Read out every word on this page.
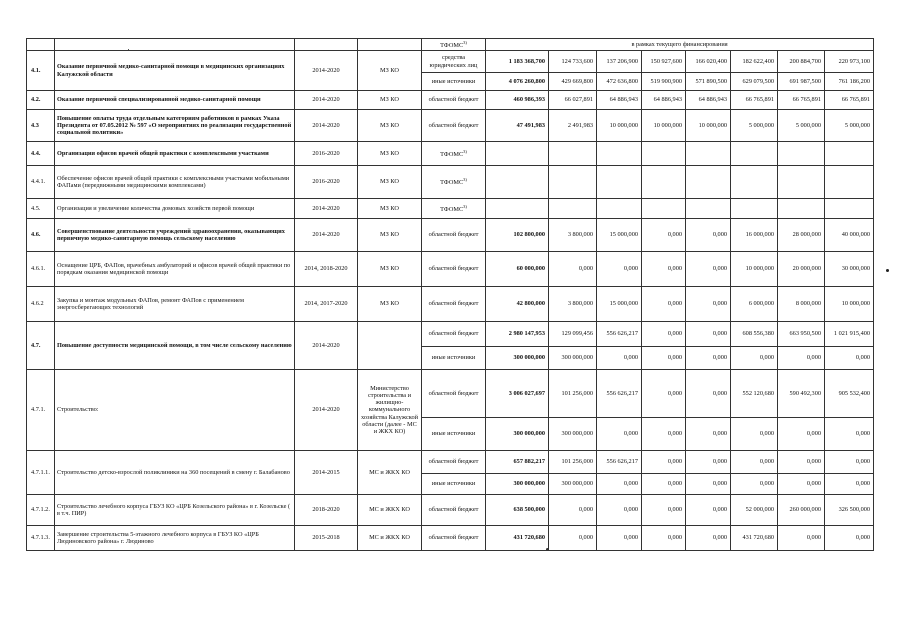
				ТФОМС$^{3)}$	в рамках текущего финансирования							
4.1.	Оказание первичной медико-санитарной помощи в медицинских организациях Калужской области	2014-2020	МЗ КО	средства юридических лиц	1 183 368,700	124 733,600	137 206,900	150 927,600	166 020,400	182 622,400	200 884,700	220 973,100
				иные источники	4 076 260,800	429 669,800	472 636,800	519 900,900	571 890,500	629 079,500	691 987,500	761 186,200
4.2.	Оказание первичной специализированной медико-санитарной помощи	2014-2020	МЗ КО	областной бюджет	460 986,393	66 027,891	64 886,943	64 886,943	64 886,943	66 765,891	66 765,891	66 765,891
4.3	Повышение оплаты труда отдельным категориям работников в рамках Указа Президента от 07.05.2012 № 597 «О мероприятиях по реализации государственной социальной политики»	2014-2020	МЗ КО	областной бюджет	47 491,983	2 491,983	10 000,000	10 000,000	10 000,000	5 000,000	5 000,000	5 000,000
4.4.	Организация офисов врачей общей практики с комплексными участками	2016-2020	МЗ КО	ТФОМС$^{3)}$								
4.4.1.	Обеспечение офисов врачей общей практики с комплексными участками мобильными ФАПами (передвижными медицинскими комплексами)	2016-2020	МЗ КО	ТФОМС$^{3)}$								
4.5.	Организация и увеличение количества домовых хозяйств первой помощи	2014-2020	МЗ КО	ТФОМС$^{3)}$								
4.6.	Совершенствование деятельности учреждений здравоохранения, оказывающих первичную медико-санитарную помощь сельскому населению	2014-2020	МЗ КО	областной бюджет	102 800,000	3 800,000	15 000,000	0,000	0,000	16 000,000	28 000,000	40 000,000
4.6.1.	Оснащение ЦРБ, ФАПов, врачебных амбулаторий и офисов врачей общей практики по порядкам оказания медицинской помощи	2014, 2018-2020	МЗ КО	областной бюджет	60 000,000	0,000	0,000	0,000	0,000	10 000,000	20 000,000	30 000,000
4.6.2	Закупка и монтаж модульных ФАПов, ремонт ФАПов с применением энергосберегающих технологий	2014, 2017-2020	МЗ КО	областной бюджет	42 800,000	3 800,000	15 000,000	0,000	0,000	6 000,000	8 000,000	10 000,000
4.7.	Повышение доступности медицинской помощи, в том числе сельскому населению	2014-2020		областной бюджет	2 980 147,953	129 099,456	556 626,217	0,000	0,000	608 556,380	663 950,500	1 021 915,400
				иные источники	300 000,000	300 000,000	0,000	0,000	0,000	0,000	0,000	0,000
4.7.1.	Строительство:	2014-2020	Министерство строительства и жилищно-коммунального хозяйства Калужской области (далее - МС и ЖКХ КО)	областной бюджет	3 006 027,697	101 256,000	556 626,217	0,000	0,000	552 120,680	590 492,300	905 532,400
				иные источники	300 000,000	300 000,000	0,000	0,000	0,000	0,000	0,000	0,000
4.7.1.1.	Строительство детско-взрослой поликлиники на 360 посещений в смену г. Балабаново	2014-2015	МС и ЖКХ КО	областной бюджет	657 882,217	101 256,000	556 626,217	0,000	0,000	0,000	0,000	0,000
				иные источники	300 000,000	300 000,000	0,000	0,000	0,000	0,000	0,000	0,000
4.7.1.2.	Строительство лечебного корпуса ГБУЗ КО «ЦРБ Козельского района» в г. Козельске ( в т.ч. ПИР)	2018-2020	МС и ЖКХ КО	областной бюджет	638 500,000	0,000	0,000	0,000	0,000	52 000,000	260 000,000	326 500,000
4.7.1.3.	Завершение строительства 5-этажного лечебного корпуса в ГБУЗ КО «ЦРБ Людиновского района» г. Людиново	2015-2018	МС и ЖКХ КО	областной бюджет	431 720,680	0,000	0,000	0,000	0,000	431 720,680	0,000	0,000
